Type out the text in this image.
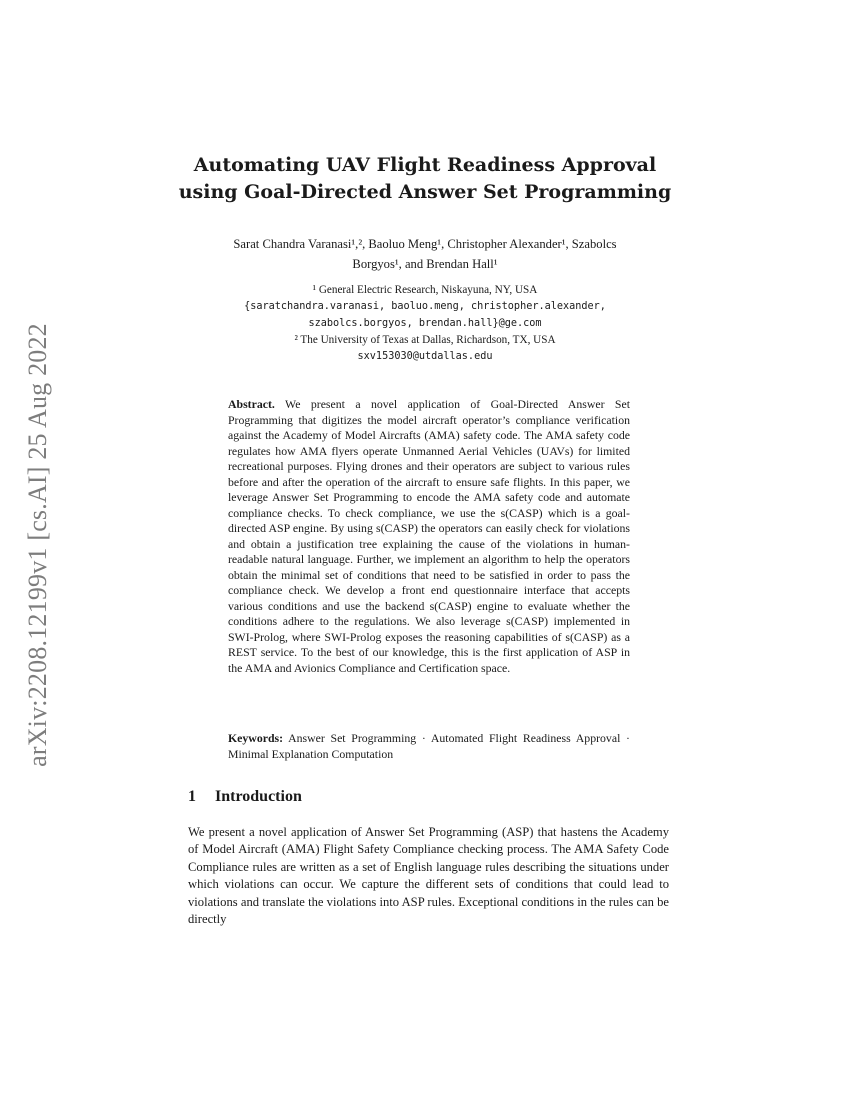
arXiv:2208.12199v1 [cs.AI] 25 Aug 2022
Automating UAV Flight Readiness Approval
using Goal-Directed Answer Set Programming
Sarat Chandra Varanasi¹,², Baoluo Meng¹, Christopher Alexander¹, Szabolcs
Borgyos¹, and Brendan Hall¹
¹ General Electric Research, Niskayuna, NY, USA
{saratchandra.varanasi, baoluo.meng, christopher.alexander,
szabolcs.borgyos, brendan.hall}@ge.com
² The University of Texas at Dallas, Richardson, TX, USA
sxv153030@utdallas.edu

Abstract. We present a novel application of Goal-Directed Answer Set Programming that digitizes the model aircraft operator’s compliance verification against the Academy of Model Aircrafts (AMA) safety code. The AMA safety code regulates how AMA flyers operate Unmanned Aerial Vehicles (UAVs) for limited recreational purposes. Flying drones and their operators are subject to various rules before and after the operation of the aircraft to ensure safe flights. In this paper, we leverage Answer Set Programming to encode the AMA safety code and automate compliance checks. To check compliance, we use the s(CASP) which is a goal-directed ASP engine. By using s(CASP) the operators can easily check for violations and obtain a justification tree explaining the cause of the violations in human-readable natural language. Further, we implement an algorithm to help the operators obtain the minimal set of conditions that need to be satisfied in order to pass the compliance check. We develop a front end questionnaire interface that accepts various conditions and use the backend s(CASP) engine to evaluate whether the conditions adhere to the regulations. We also leverage s(CASP) implemented in SWI-Prolog, where SWI-Prolog exposes the reasoning capabilities of s(CASP) as a REST service. To the best of our knowledge, this is the first application of ASP in the AMA and Avionics Compliance and Certification space.

Keywords: Answer Set Programming · Automated Flight Readiness Approval · Minimal Explanation Computation

1 Introduction

We present a novel application of Answer Set Programming (ASP) that hastens the Academy of Model Aircraft (AMA) Flight Safety Compliance checking process. The AMA Safety Code Compliance rules are written as a set of English language rules describing the situations under which violations can occur. We capture the different sets of conditions that could lead to violations and translate the violations into ASP rules. Exceptional conditions in the rules can be directly
